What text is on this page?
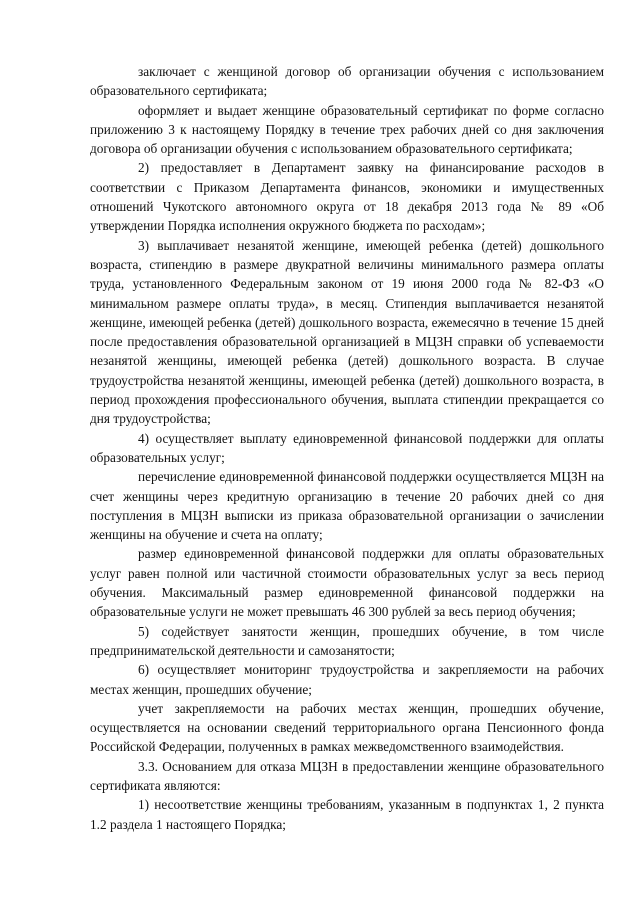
заключает с женщиной договор об организации обучения с использованием образовательного сертификата;

оформляет и выдает женщине образовательный сертификат по форме согласно приложению 3 к настоящему Порядку в течение трех рабочих дней со дня заключения договора об организации обучения с использованием образовательного сертификата;

2) предоставляет в Департамент заявку на финансирование расходов в соответствии с Приказом Департамента финансов, экономики и имущественных отношений Чукотского автономного округа от 18 декабря 2013 года № 89 «Об утверждении Порядка исполнения окружного бюджета по расходам»;

3) выплачивает незанятой женщине, имеющей ребенка (детей) дошкольного возраста, стипендию в размере двукратной величины минимального размера оплаты труда, установленного Федеральным законом от 19 июня 2000 года № 82-ФЗ «О минимальном размере оплаты труда», в месяц. Стипендия выплачивается незанятой женщине, имеющей ребенка (детей) дошкольного возраста, ежемесячно в течение 15 дней после предоставления образовательной организацией в МЦЗН справки об успеваемости незанятой женщины, имеющей ребенка (детей) дошкольного возраста. В случае трудоустройства незанятой женщины, имеющей ребенка (детей) дошкольного возраста, в период прохождения профессионального обучения, выплата стипендии прекращается со дня трудоустройства;

4) осуществляет выплату единовременной финансовой поддержки для оплаты образовательных услуг;

перечисление единовременной финансовой поддержки осуществляется МЦЗН на счет женщины через кредитную организацию в течение 20 рабочих дней со дня поступления в МЦЗН выписки из приказа образовательной организации о зачислении женщины на обучение и счета на оплату;

размер единовременной финансовой поддержки для оплаты образовательных услуг равен полной или частичной стоимости образовательных услуг за весь период обучения. Максимальный размер единовременной финансовой поддержки на образовательные услуги не может превышать 46 300 рублей за весь период обучения;

5) содействует занятости женщин, прошедших обучение, в том числе предпринимательской деятельности и самозанятости;

6) осуществляет мониторинг трудоустройства и закрепляемости на рабочих местах женщин, прошедших обучение;

учет закрепляемости на рабочих местах женщин, прошедших обучение, осуществляется на основании сведений территориального органа Пенсионного фонда Российской Федерации, полученных в рамках межведомственного взаимодействия.

3.3. Основанием для отказа МЦЗН в предоставлении женщине образовательного сертификата являются:

1) несоответствие женщины требованиям, указанным в подпунктах 1, 2 пункта 1.2 раздела 1 настоящего Порядка;
